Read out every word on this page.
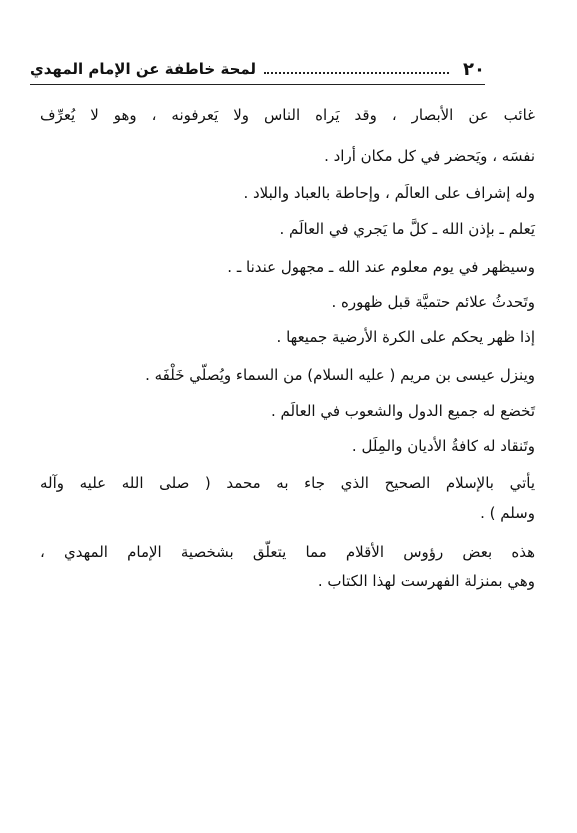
٢٠
لمحة خاطفة عن الإمام المهدي
غائب عن الأبصار ، وقد يَراه الناس ولا يَعرفونه ، وهو لا يُعرِّف
نفسَه ، ويَحضر في كل مكان أراد .
وله إشراف على العالَم ، وإحاطة بالعباد والبلاد .
يَعلم ـ بإذن الله ـ كلَّ ما يَجري في العالَم .
وسيظهر في يوم معلوم عند الله ـ مجهول عندنا ـ .
وتَحدثُ علائم حتميَّة قبل ظهوره .
إذا ظهر يحكم على الكرة الأرضية جميعها .
وينزل عيسى بن مريم ( عليه السلام) من السماء ويُصلّي خَلْفَه .
تَخضع له جميع الدول والشعوب في العالَم .
وتَنقاد له كافةُ الأديان والمِلَل .
يأتي بالإسلام الصحيح الذي جاء به محمد ( صلى الله عليه وآله
وسلم ) .
هذه بعض رؤوس الأقلام مما يتعلّق بشخصية الإمام المهدي ،
وهي بمنزلة الفهرست لهذا الكتاب .
